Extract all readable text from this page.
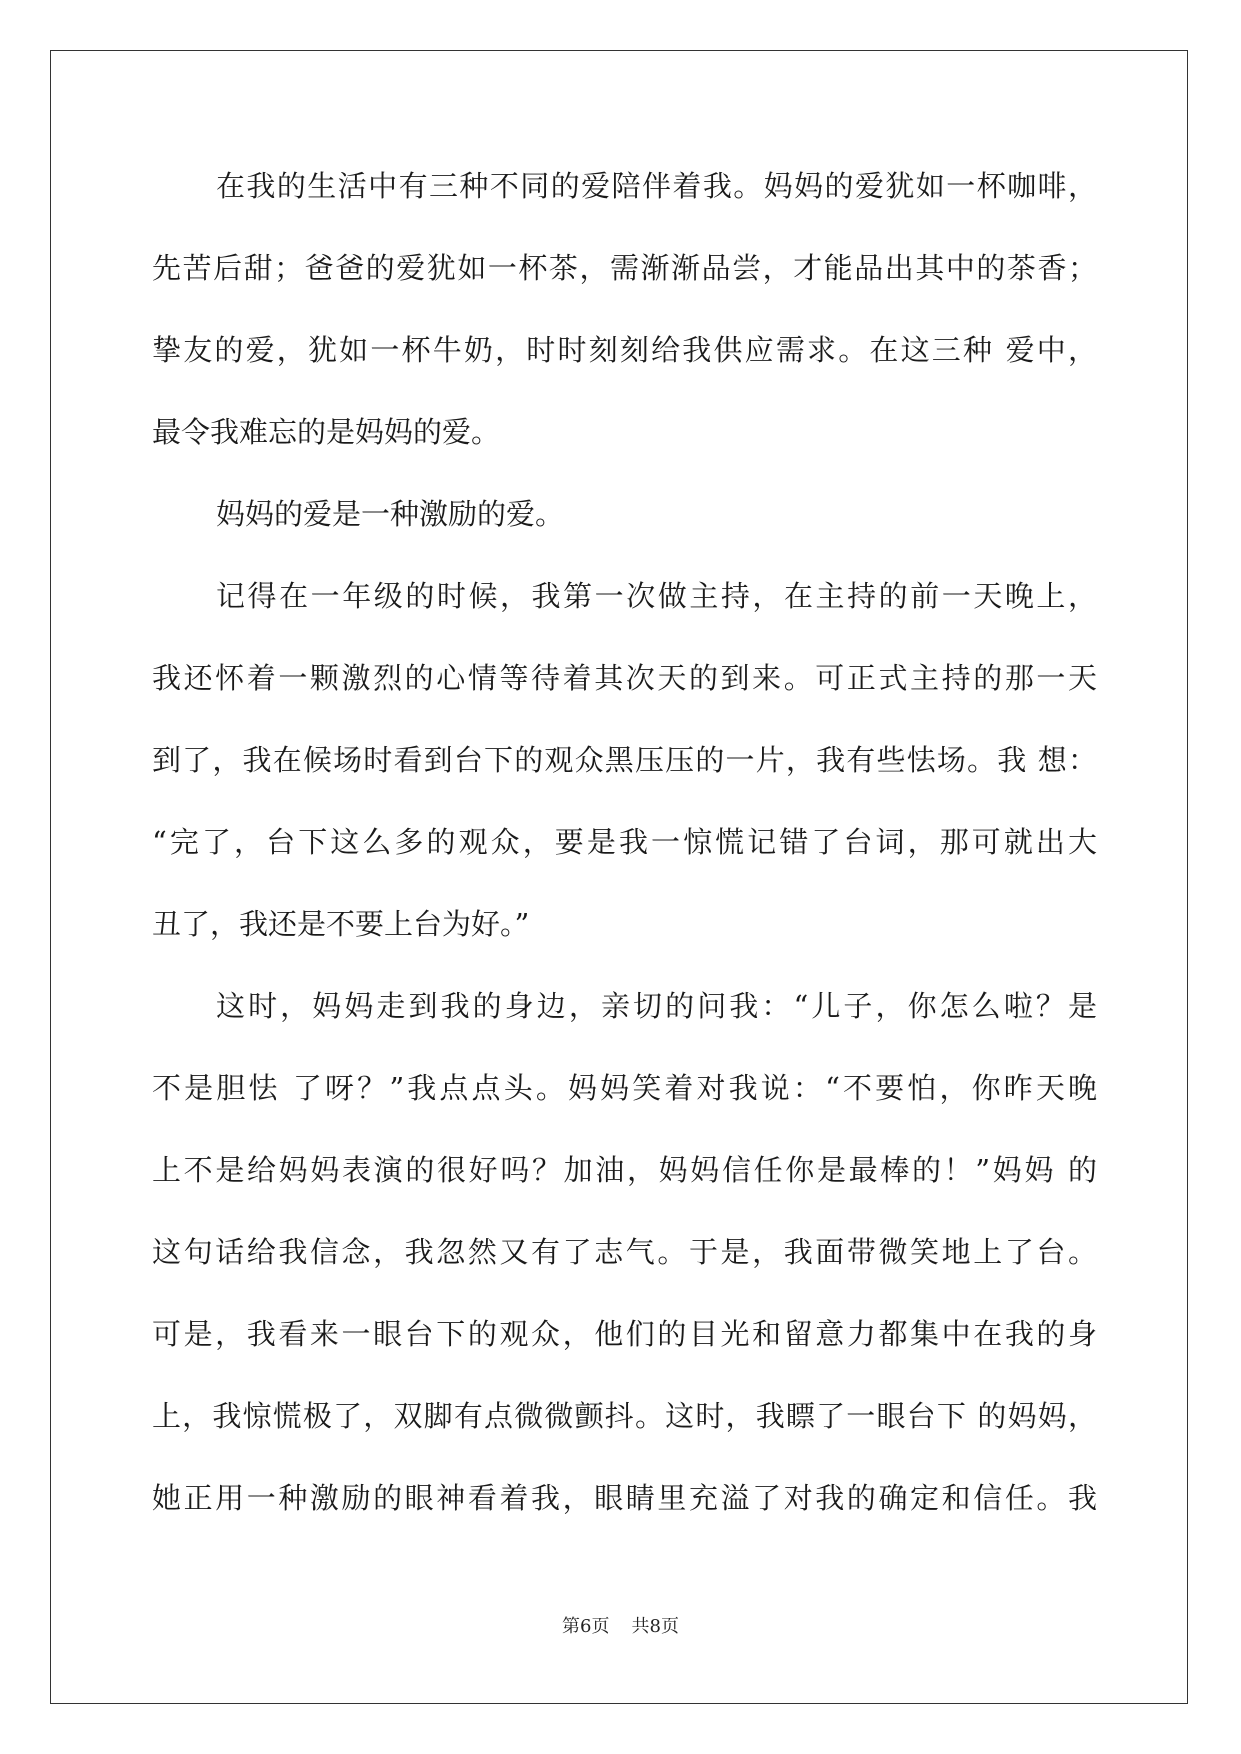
在我的生活中有三种不同的爱陪伴着我。妈妈的爱犹如一杯咖啡，
先苦后甜；爸爸的爱犹如一杯茶，需渐渐品尝，才能品出其中的茶香；
挚友的爱，犹如一杯牛奶，时时刻刻给我供应需求。在这三种 爱中，
最令我难忘的是妈妈的爱。
妈妈的爱是一种激励的爱。
记得在一年级的时候，我第一次做主持，在主持的前一天晚上，
我还怀着一颗激烈的心情等待着其次天的到来。可正式主持的那一天
到了，我在候场时看到台下的观众黑压压的一片，我有些怯场。我 想：
“完了，台下这么多的观众，要是我一惊慌记错了台词，那可就出大
丑了，我还是不要上台为好。”
这时，妈妈走到我的身边，亲切的问我：“儿子，你怎么啦？是
不是胆怯 了呀？”我点点头。妈妈笑着对我说：“不要怕，你昨天晚
上不是给妈妈表演的很好吗？加油，妈妈信任你是最棒的！”妈妈 的
这句话给我信念，我忽然又有了志气。于是，我面带微笑地上了台。
可是，我看来一眼台下的观众，他们的目光和留意力都集中在我的身
上，我惊慌极了，双脚有点微微颤抖。这时，我瞟了一眼台下 的妈妈，
她正用一种激励的眼神看着我，眼睛里充溢了对我的确定和信任。我
第6页 共8页
